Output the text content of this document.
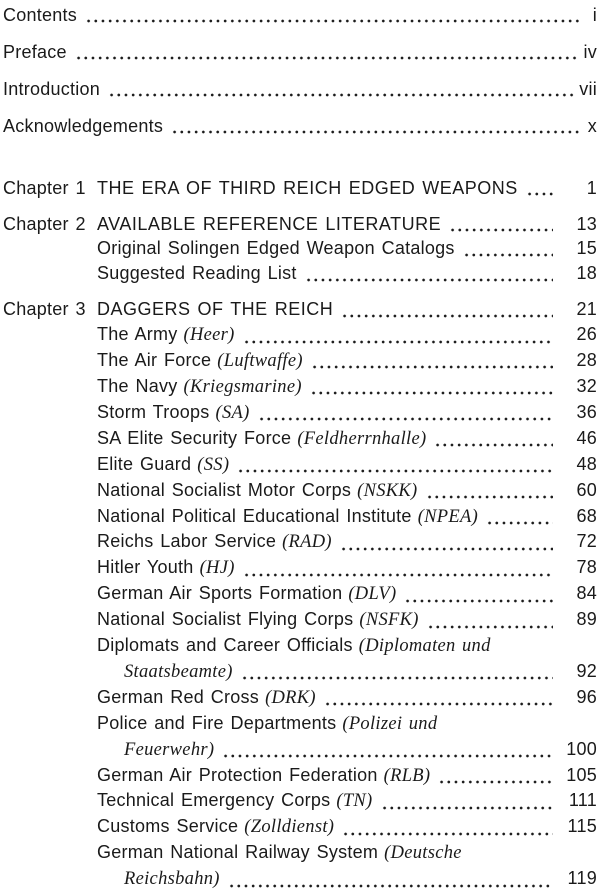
Contents	i
Preface	iv
Introduction	vii
Acknowledgements	x
Chapter 1 THE ERA OF THIRD REICH EDGED WEAPONS	1
Chapter 2 AVAILABLE REFERENCE LITERATURE	13
Original Solingen Edged Weapon Catalogs	15
Suggested Reading List	18
Chapter 3 DAGGERS OF THE REICH	21
The Army (Heer)	26
The Air Force (Luftwaffe)	28
The Navy (Kriegsmarine)	32
Storm Troops (SA)	36
SA Elite Security Force (Feldherrnhalle)	46
Elite Guard (SS)	48
National Socialist Motor Corps (NSKK)	60
National Political Educational Institute (NPEA)	68
Reichs Labor Service (RAD)	72
Hitler Youth (HJ)	78
German Air Sports Formation (DLV)	84
National Socialist Flying Corps (NSFK)	89
Diplomats and Career Officials (Diplomaten und
Staatsbeamte)	92
German Red Cross (DRK)	96
Police and Fire Departments (Polizei und
Feuerwehr)	100
German Air Protection Federation (RLB)	105
Technical Emergency Corps (TN)	111
Customs Service (Zolldienst)	115
German National Railway System (Deutsche
Reichsbahn)	119
